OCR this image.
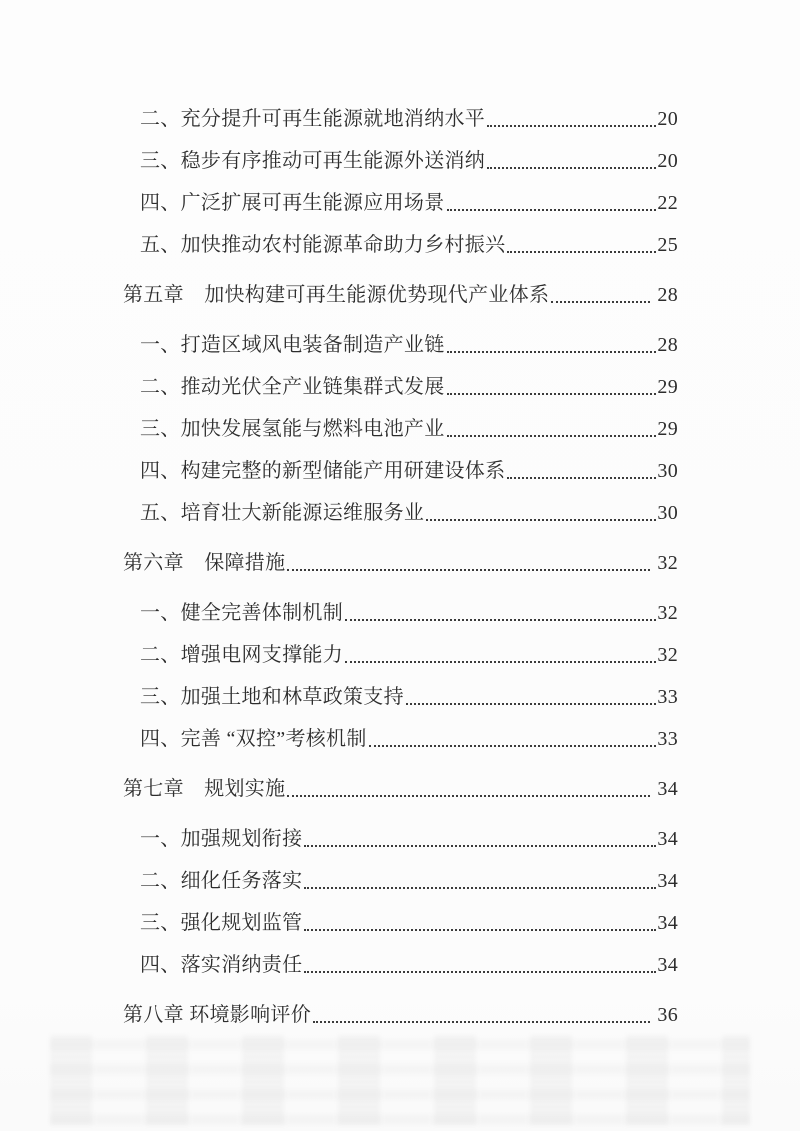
二、充分提升可再生能源就地消纳水平	20
三、稳步有序推动可再生能源外送消纳	20
四、广泛扩展可再生能源应用场景	22
五、加快推动农村能源革命助力乡村振兴	25
第五章　加快构建可再生能源优势现代产业体系	28
一、打造区域风电装备制造产业链	28
二、推动光伏全产业链集群式发展	29
三、加快发展氢能与燃料电池产业	29
四、构建完整的新型储能产用研建设体系	30
五、培育壮大新能源运维服务业	30
第六章　保障措施	32
一、健全完善体制机制	32
二、增强电网支撑能力	32
三、加强土地和林草政策支持	33
四、完善 “双控”考核机制	33
第七章　规划实施	34
一、加强规划衔接	34
二、细化任务落实	34
三、强化规划监管	34
四、落实消纳责任	34
第八章 环境影响评价	36
